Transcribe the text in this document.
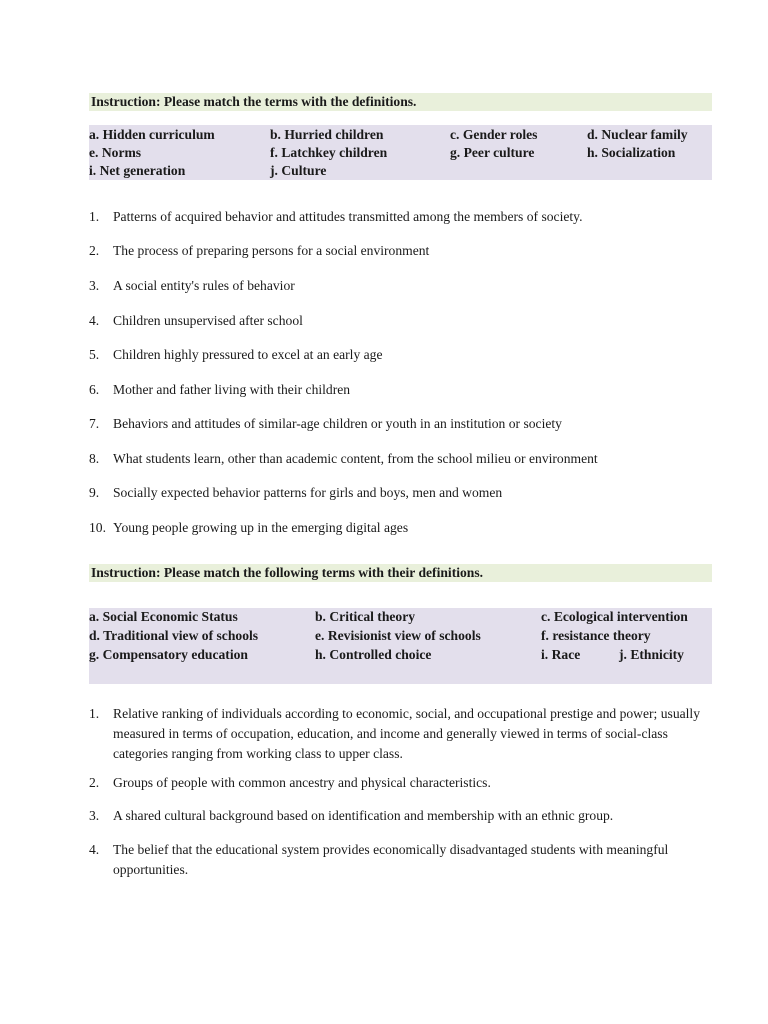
Instruction: Please match the terms with the definitions.
a. Hidden curriculum	b. Hurried children	c. Gender roles	d. Nuclear family
e. Norms	f. Latchkey children	g. Peer culture	h. Socialization
i. Net generation	j. Culture
1. Patterns of acquired behavior and attitudes transmitted among the members of society.
2. The process of preparing persons for a social environment
3. A social entity's rules of behavior
4. Children unsupervised after school
5. Children highly pressured to excel at an early age
6. Mother and father living with their children
7. Behaviors and attitudes of similar-age children or youth in an institution or society
8. What students learn, other than academic content, from the school milieu or environment
9. Socially expected behavior patterns for girls and boys, men and women
10. Young people growing up in the emerging digital ages
Instruction: Please match the following terms with their definitions.
a. Social Economic Status	b. Critical theory	c. Ecological intervention
d. Traditional view of schools	e. Revisionist view of schools	f. resistance theory
g. Compensatory education	h. Controlled choice	i. Race	j. Ethnicity
1. Relative ranking of individuals according to economic, social, and occupational prestige and power; usually measured in terms of occupation, education, and income and generally viewed in terms of social-class categories ranging from working class to upper class.
2. Groups of people with common ancestry and physical characteristics.
3. A shared cultural background based on identification and membership with an ethnic group.
4. The belief that the educational system provides economically disadvantaged students with meaningful opportunities.
